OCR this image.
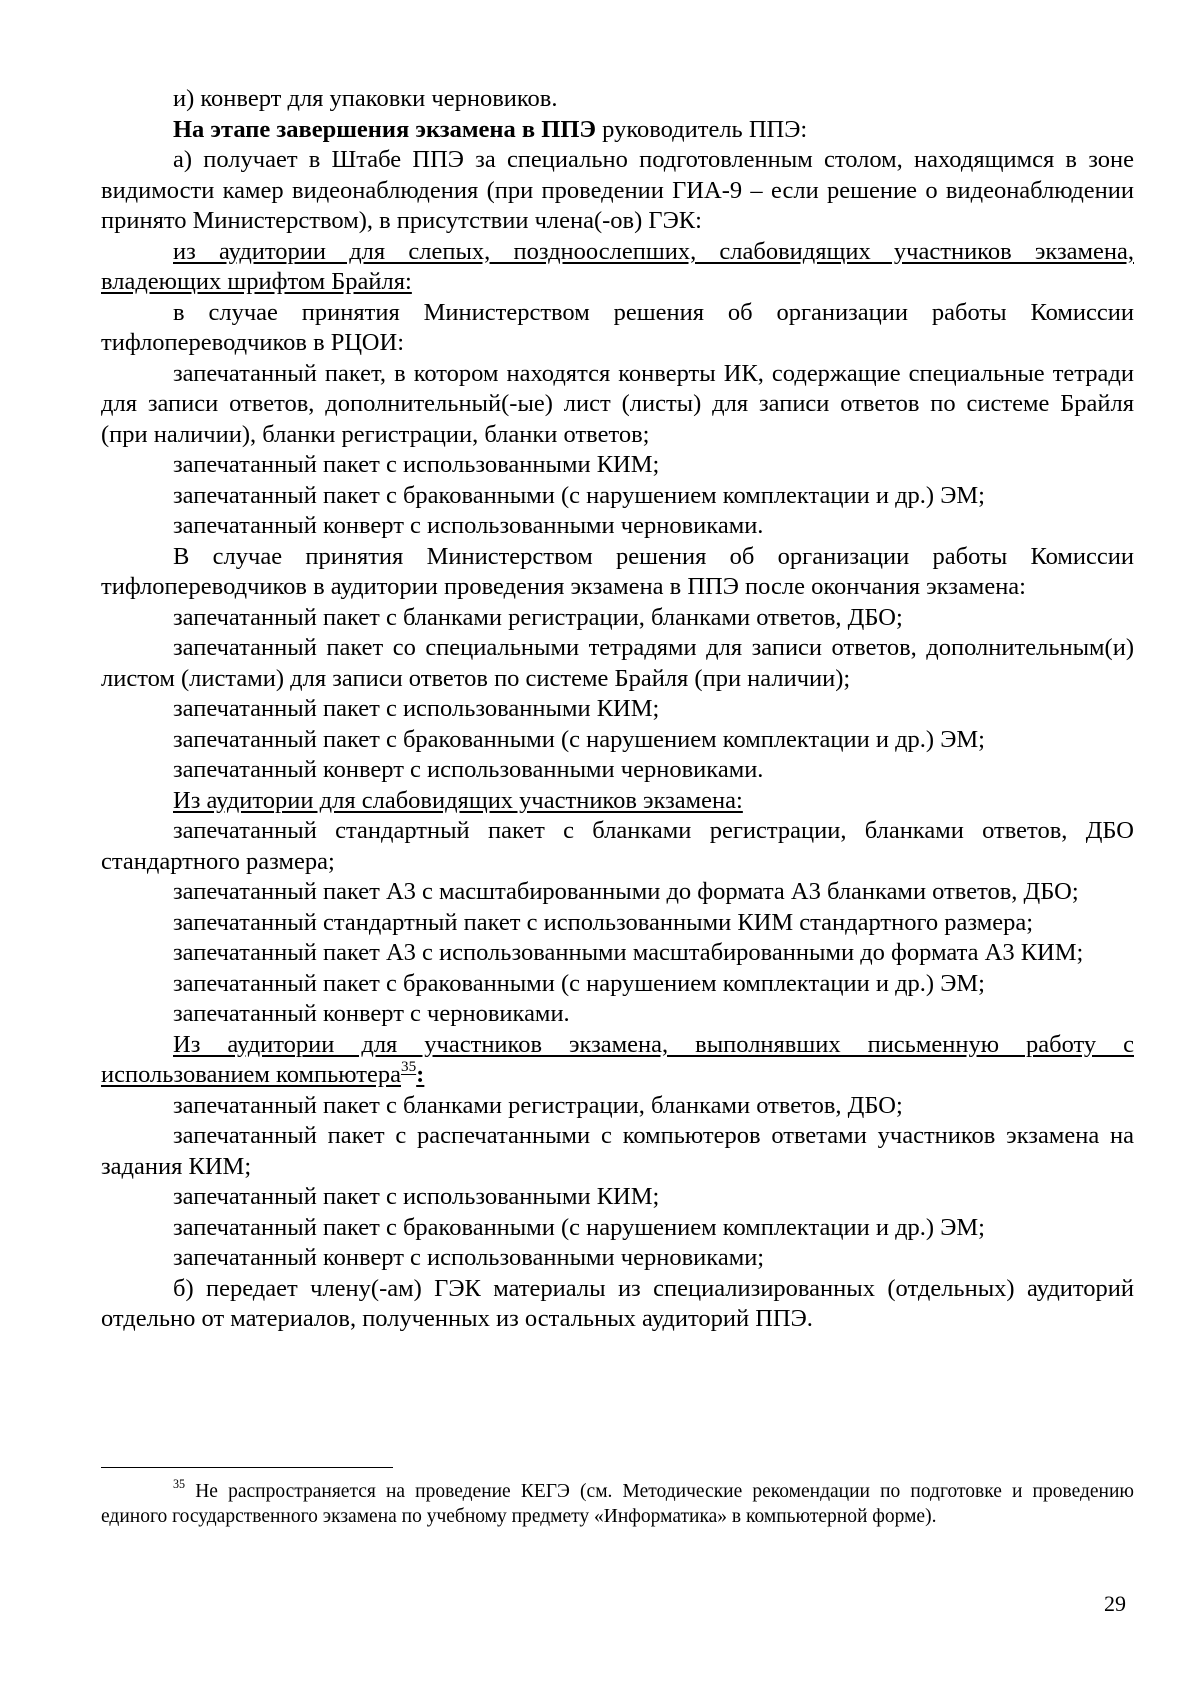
и) конверт для упаковки черновиков.

На этапе завершения экзамена в ППЭ руководитель ППЭ:

а) получает в Штабе ППЭ за специально подготовленным столом, находящимся в зоне видимости камер видеонаблюдения (при проведении ГИА-9 – если решение о видеонаблюдении принято Министерством), в присутствии члена(-ов) ГЭК:

из аудитории для слепых, поздноослепших, слабовидящих участников экзамена, владеющих шрифтом Брайля:

в случае принятия Министерством решения об организации работы Комиссии тифлопереводчиков в РЦОИ:

запечатанный пакет, в котором находятся конверты ИК, содержащие специальные тетради для записи ответов, дополнительный(-ые) лист (листы) для записи ответов по системе Брайля (при наличии), бланки регистрации, бланки ответов;

запечатанный пакет с использованными КИМ;

запечатанный пакет с бракованными (с нарушением комплектации и др.) ЭМ;

запечатанный конверт с использованными черновиками.

В случае принятия Министерством решения об организации работы Комиссии тифлопереводчиков в аудитории проведения экзамена в ППЭ после окончания экзамена:

запечатанный пакет с бланками регистрации, бланками ответов, ДБО;

запечатанный пакет со специальными тетрадями для записи ответов, дополнительным(и) листом (листами) для записи ответов по системе Брайля (при наличии);

запечатанный пакет с использованными КИМ;

запечатанный пакет с бракованными (с нарушением комплектации и др.) ЭМ;

запечатанный конверт с использованными черновиками.

Из аудитории для слабовидящих участников экзамена:

запечатанный стандартный пакет с бланками регистрации, бланками ответов, ДБО стандартного размера;

запечатанный пакет А3 с масштабированными до формата А3 бланками ответов, ДБО;

запечатанный стандартный пакет с использованными КИМ стандартного размера;

запечатанный пакет А3 с использованными масштабированными до формата А3 КИМ;

запечатанный пакет с бракованными (с нарушением комплектации и др.) ЭМ;

запечатанный конверт с черновиками.

Из аудитории для участников экзамена, выполнявших письменную работу с использованием компьютера$^{35}$:

запечатанный пакет с бланками регистрации, бланками ответов, ДБО;

запечатанный пакет с распечатанными с компьютеров ответами участников экзамена на задания КИМ;

запечатанный пакет с использованными КИМ;

запечатанный пакет с бракованными (с нарушением комплектации и др.) ЭМ;

запечатанный конверт с использованными черновиками;

б) передает члену(-ам) ГЭК материалы из специализированных (отдельных) аудиторий отдельно от материалов, полученных из остальных аудиторий ППЭ.

$^{35}$ Не распространяется на проведение КЕГЭ (см. Методические рекомендации по подготовке и проведению единого государственного экзамена по учебному предмету «Информатика» в компьютерной форме).
29
